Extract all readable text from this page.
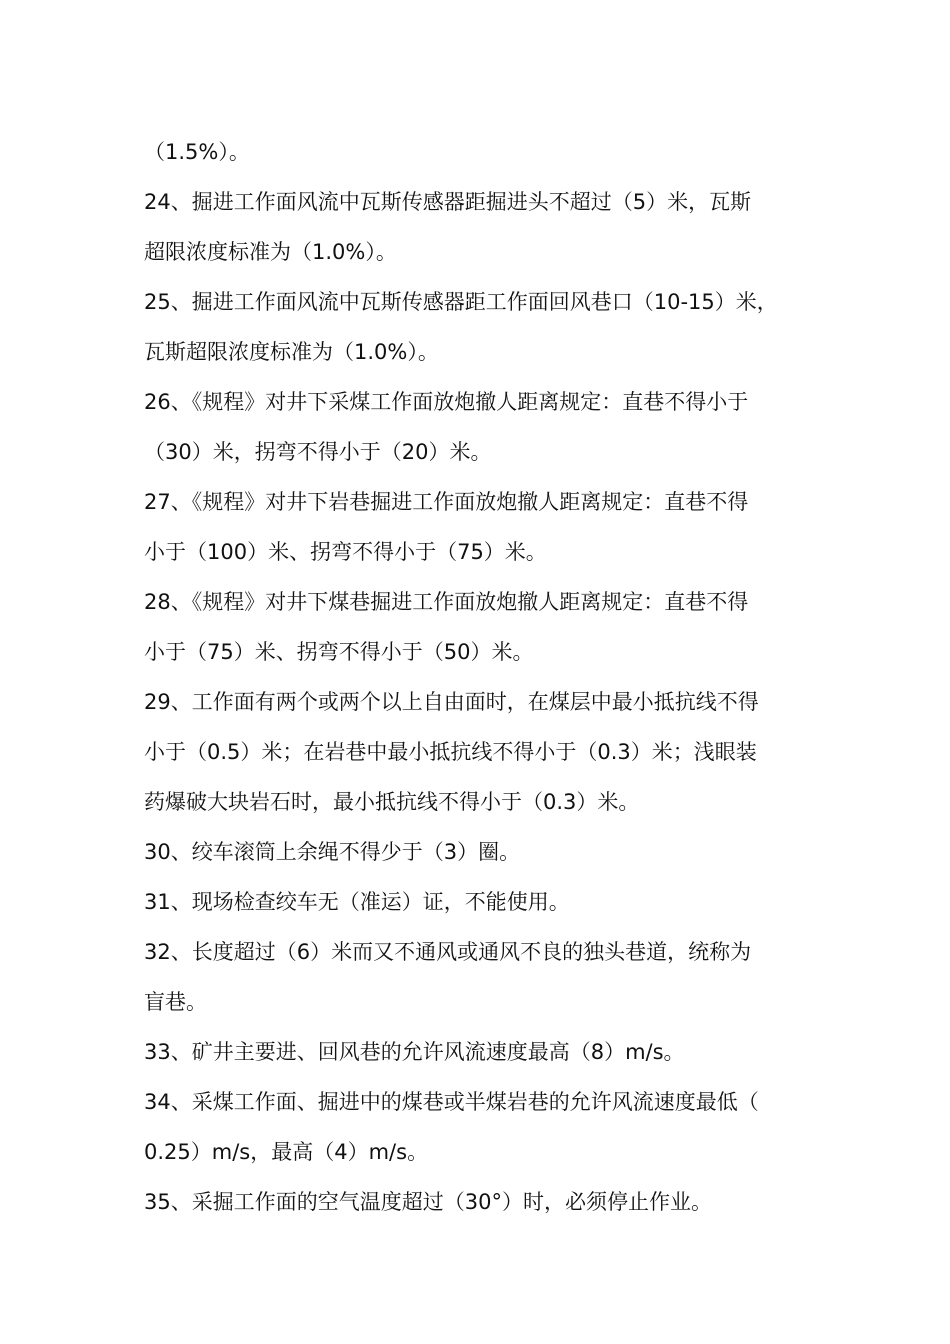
（1.5%）。
24、掘进工作面风流中瓦斯传感器距掘进头不超过（5）米，瓦斯
超限浓度标准为（1.0%）。
25、掘进工作面风流中瓦斯传感器距工作面回风巷口（10-15）米，
瓦斯超限浓度标准为（1.0%）。
26、《规程》对井下采煤工作面放炮撤人距离规定：直巷不得小于
（30）米，拐弯不得小于（20）米。
27、《规程》对井下岩巷掘进工作面放炮撤人距离规定：直巷不得
小于（100）米、拐弯不得小于（75）米。
28、《规程》对井下煤巷掘进工作面放炮撤人距离规定：直巷不得
小于（75）米、拐弯不得小于（50）米。
29、工作面有两个或两个以上自由面时，在煤层中最小抵抗线不得
小于（0.5）米；在岩巷中最小抵抗线不得小于（0.3）米；浅眼装
药爆破大块岩石时，最小抵抗线不得小于（0.3）米。
30、绞车滚筒上余绳不得少于（3）圈。
31、现场检查绞车无（准运）证，不能使用。
32、长度超过（6）米而又不通风或通风不良的独头巷道，统称为
盲巷。
33、矿井主要进、回风巷的允许风流速度最高（8）m/s。
34、采煤工作面、掘进中的煤巷或半煤岩巷的允许风流速度最低（
0.25）m/s，最高（4）m/s。
35、采掘工作面的空气温度超过（30°）时，必须停止作业。
